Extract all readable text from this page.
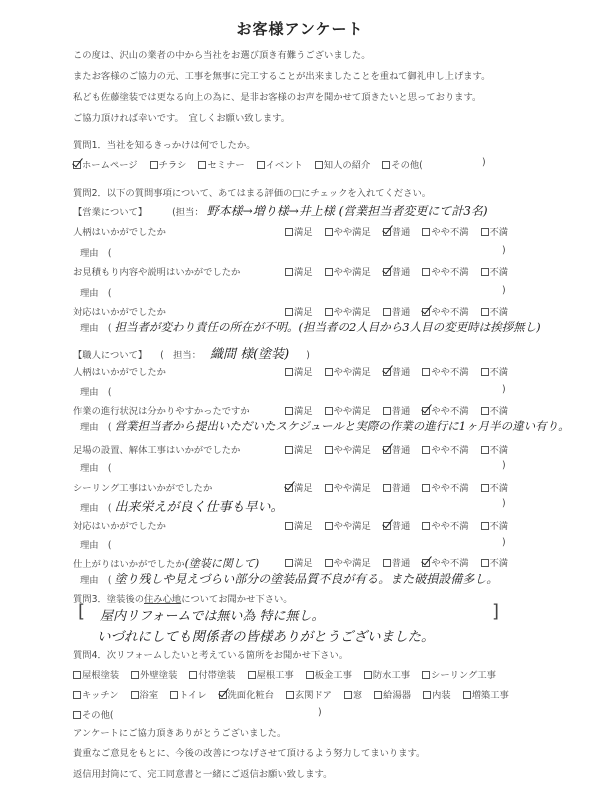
お客様アンケート
この度は、沢山の業者の中から当社をお選び頂き有難うございました。
またお客様のご協力の元、工事を無事に完工することが出来ましたことを重ねて御礼申し上げます。
私ども佐藤塗装では更なる向上の為に、是非お客様のお声を聞かせて頂きたいと思っております。
ご協力頂ければ幸いです。　宜しくお願い致します。
質問1．当社を知るきっかけは何でしたか。
ホームページ チラシ セミナー イベント 知人の紹介 その他(	)
質問2．以下の質問事項について、あてはまる評価の□にチェックを入れてください。
【営業について】	(担当： 野本様→増り様→井上様 (営業担当者変更にて計3名)
人柄はいかがでしたか	満足 やや満足 普通 やや不満 不満
理由　(	)
お見積もり内容や説明はいかがでしたか	満足 やや満足 普通 やや不満 不満
理由　(	)
対応はいかがでしたか	満足 やや満足 普通 やや不満 不満
理由　( 担当者が変わり責任の所在が不明。(担当者の2人目から3人目の変更時は挨拶無し)
【職人について】 (　担当： 織間 様(塗装) )
人柄はいかがでしたか	満足 やや満足 普通 やや不満 不満
理由　(	)
作業の進行状況は分かりやすかったですか	満足 やや満足 普通 やや不満 不満
理由　( 営業担当者から提出いただいたスケジュールと実際の作業の進行に1ヶ月半の違い有り。
足場の設置、解体工事はいかがでしたか	満足 やや満足 普通 やや不満 不満
理由　(	)
シーリング工事はいかがでしたか	満足 やや満足 普通 やや不満 不満
理由　( 出来栄えが良く仕事も早い。	)
対応はいかがでしたか	満足 やや満足 普通 やや不満 不満
理由　(	)
仕上がりはいかがでしたか(塗装に関して)	満足 やや満足 普通 やや不満 不満
理由　( 塗り残しや見えづらい部分の塗装品質不良が有る。また破損設備多し。
質問3．塗装後の住み心地についてお聞かせ下さい。
[	]
屋内リフォームでは無い為 特に無し。
いづれにしても関係者の皆様ありがとうございました。
質問4．次リフォームしたいと考えている箇所をお聞かせ下さい。
屋根塗装 外壁塗装 付帯塗装 屋根工事 板金工事 防水工事 シーリング工事
キッチン 浴室 トイレ 洗面化粧台 玄関ドア 窓 給湯器 内装 増築工事
その他(	)
アンケートにご協力頂きありがとうございました。
貴重なご意見をもとに、今後の改善につなげさせて頂けるよう努力してまいります。
返信用封筒にて、完工同意書と一緒にご返信お願い致します。
